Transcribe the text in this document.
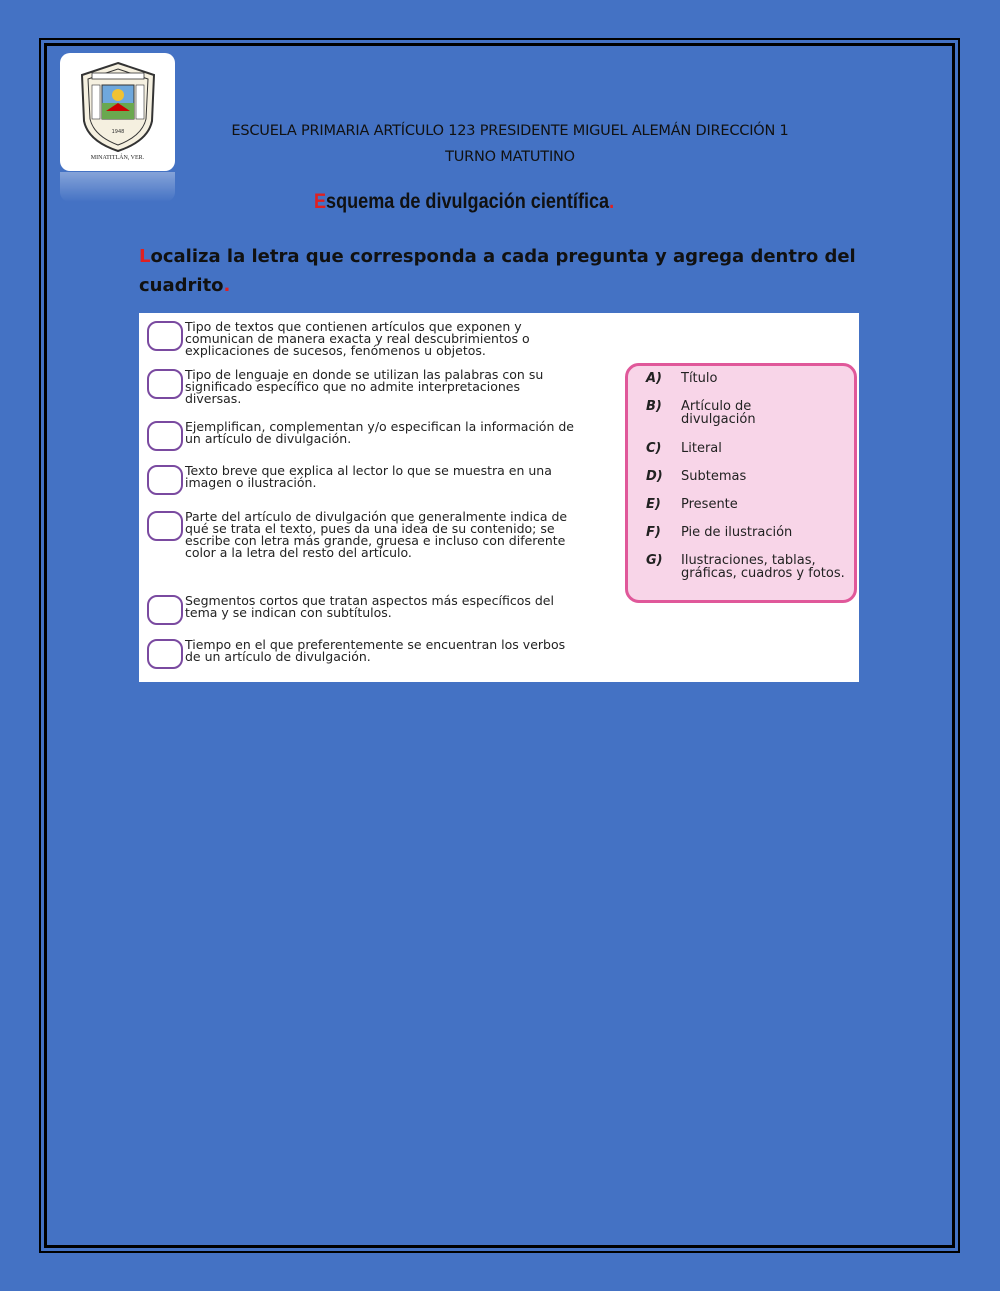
1948
MINATITLÁN, VER.
ESCUELA PRIMARIA ARTÍCULO 123 PRESIDENTE MIGUEL ALEMÁN DIRECCIÓN 1
TURNO MATUTINO
Esquema de divulgación científica.
Localiza la letra que corresponda a cada pregunta y agrega dentro del cuadrito.
Tipo de textos que contienen artículos que exponen y comunican de manera exacta y real descubrimientos o explicaciones de sucesos, fenómenos u objetos.
Tipo de lenguaje en donde se utilizan las palabras con su significado específico que no admite interpretaciones diversas.
Ejemplifican, complementan y/o especifican la información de un artículo de divulgación.
Texto breve que explica al lector lo que se muestra en una imagen o ilustración.
Parte del artículo de divulgación que generalmente indica de qué se trata el texto, pues da una idea de su contenido; se escribe con letra más grande, gruesa e incluso con diferente color a la letra del resto del artículo.
Segmentos cortos que tratan aspectos más específicos del tema y se indican con subtítulos.
Tiempo en el que preferentemente se encuentran los verbos de un artículo de divulgación.
A)	Título
B)	Artículo de divulgación
C)	Literal
D)	Subtemas
E)	Presente
F)	Pie de ilustración
G)	Ilustraciones, tablas, gráficas, cuadros y fotos.
